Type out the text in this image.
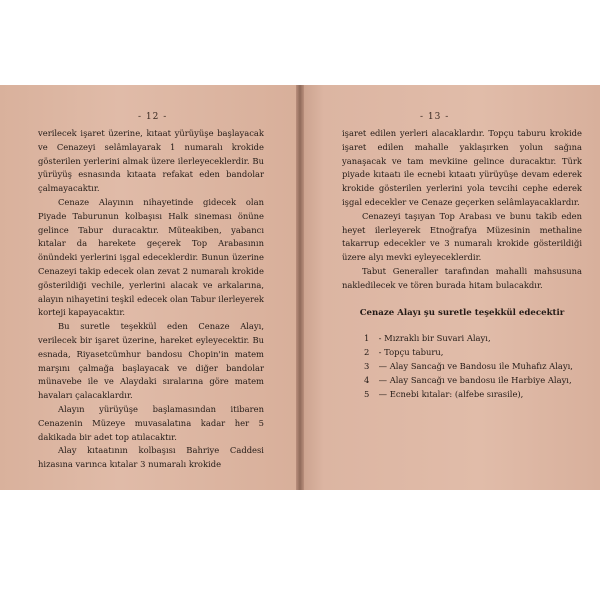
- 12 -

verilecek işaret üzerine, kıtaat yürüyüşe başlayacak ve Cenazeyi selâmlayarak 1 numaralı krokide gösterilen yerlerini almak üzere ilerleyeceklerdir. Bu yürüyüş esnasında kıtaata refakat eden bandolar çalmayacaktır.

Cenaze Alayının nihayetinde gidecek olan Piyade Taburunun kolbaşısı Halk sineması önüne gelince Tabur duracaktır. Müteakiben, yabancı kıtalar da harekete geçerek Top Arabasının önündeki yerlerini işgal edeceklerdir. Bunun üzerine Cenazeyi takip edecek olan zevat 2 numaralı krokide gösterildiği vechile, yerlerini alacak ve arkalarına, alayın nihayetini teşkil edecek olan Tabur ilerleyerek korteji kapayacaktır.

Bu suretle teşekkül eden Cenaze Alayı, verilecek bir işaret üzerine, hareket eyleyecektir. Bu esnada, Riyasetcümhur bandosu Chopin'in matem marşını çalmağa başlayacak ve diğer bandolar münavebe ile ve Alaydaki sıralarına göre matem havaları çalacaklardır.

Alayın yürüyüşe başlamasından itibaren Cenazenin Müzeye muvasalatına kadar her 5 dakikada bir adet top atılacaktır.

Alay kıtaatının kolbaşısı Bahriye Caddesi hizasına varınca kıtalar 3 numaralı krokide

- 13 -

işaret edilen yerleri alacaklardır. Topçu taburu krokide işaret edilen mahalle yaklaşırken yolun sağına yanaşacak ve tam mevkiine gelince duracaktır. Türk piyade kıtaatı ile ecnebi kıtaatı yürüyüşe devam ederek krokide gösterilen yerlerini yola tevcihi cephe ederek işgal edecekler ve Cenaze geçerken selâmlayacaklardır.

Cenazeyi taşıyan Top Arabası ve bunu takib eden heyet ilerleyerek Etnoğrafya Müzesinin methaline takarrup edecekler ve 3 numaralı krokide gösterildiği üzere alyı mevki eyleyeceklerdir.

Tabut Generaller tarafından mahalli mahsusuna nakledilecek ve tören burada hitam bulacakdır.

Cenaze Alayı şu suretle teşekkül edecektir

1 - Mızraklı bir Suvari Alayı,

2 - Topçu taburu,

3 — Alay Sancağı ve Bandosu ile Muhafız Alayı,

4 — Alay Sancağı ve bandosu ile Harbiye Alayı,

5 — Ecnebi kıtalar: (alfebe sırasile),
